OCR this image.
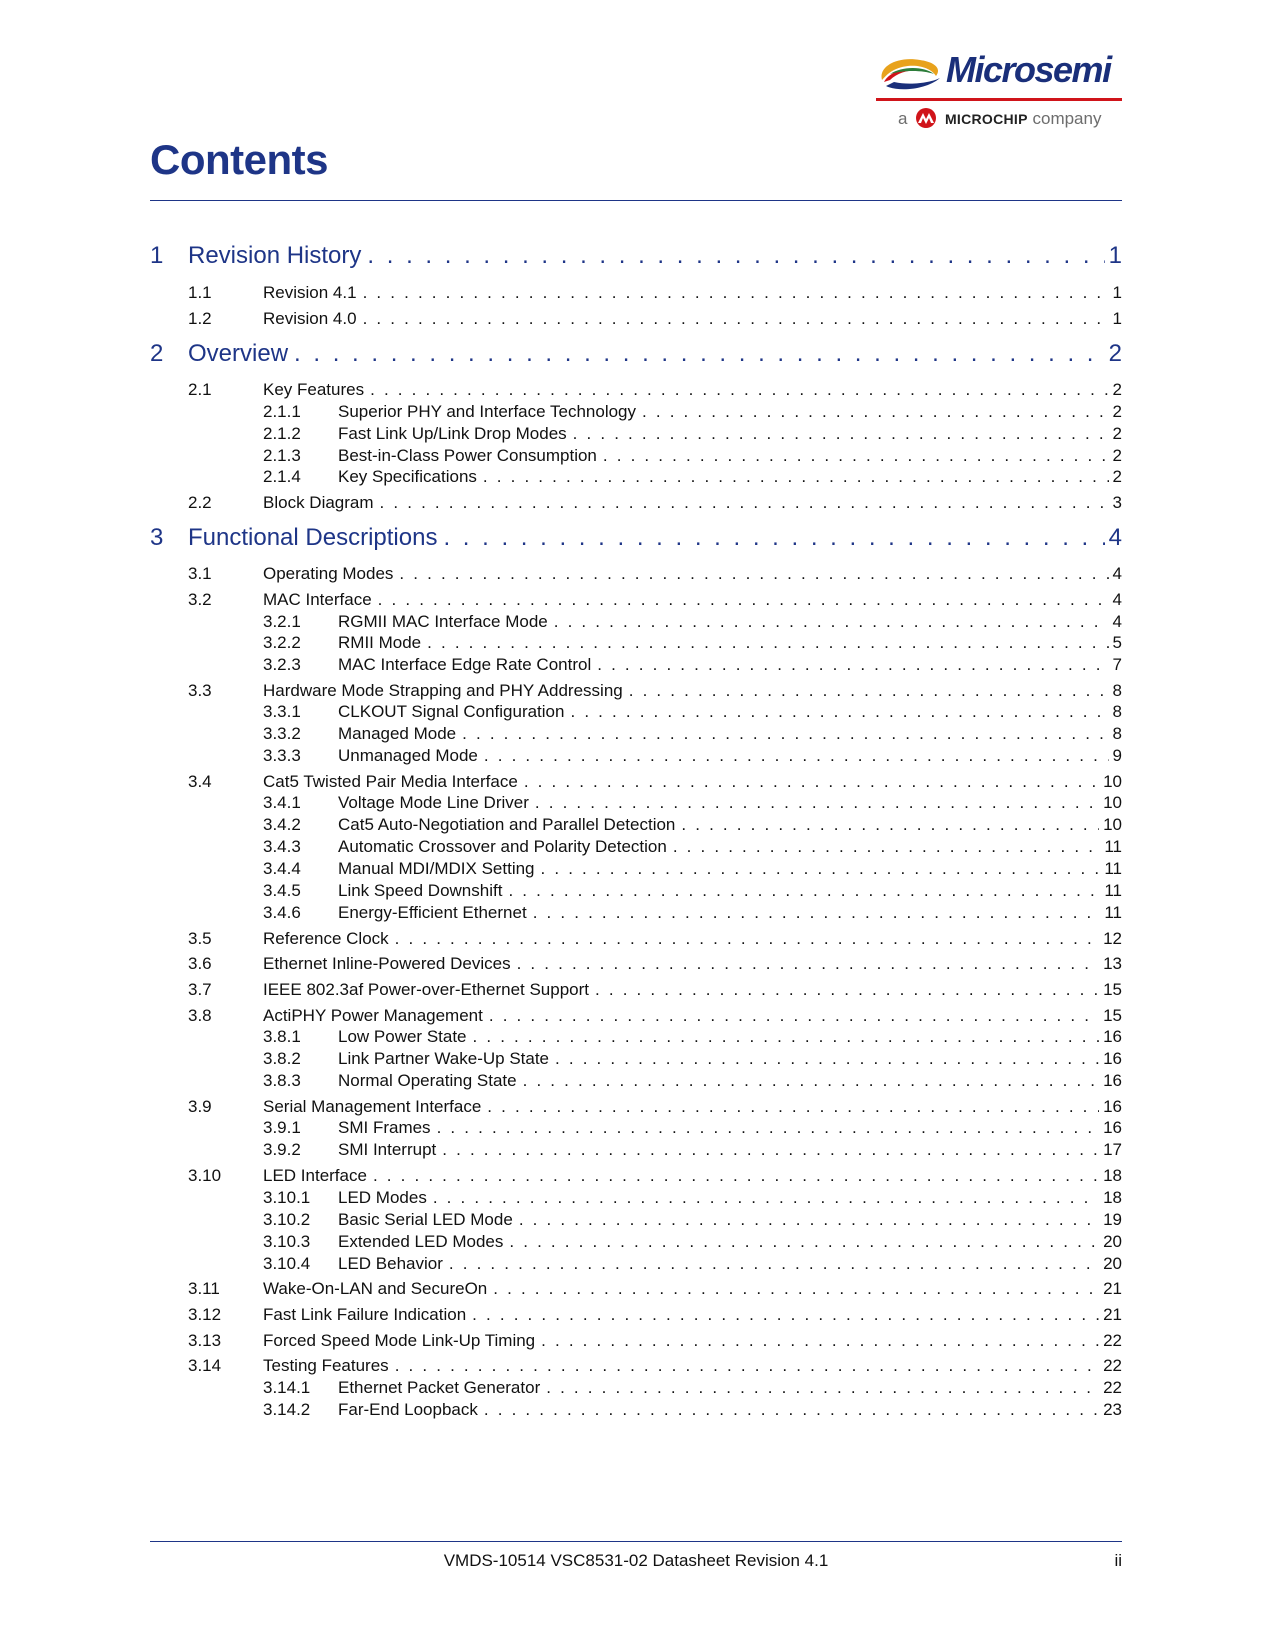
Microsemi
a	MICROCHIP company
Contents
1	Revision History . . .	1
1.1	Revision 4.1 . . .	1
1.2	Revision 4.0 . . .	1
2	Overview . . .	2
2.1	Key Features . . .	2
2.1.1	Superior PHY and Interface Technology . . .	2
2.1.2	Fast Link Up/Link Drop Modes . . .	2
2.1.3	Best-in-Class Power Consumption . . .	2
2.1.4	Key Specifications . . .	2
2.2	Block Diagram . . .	3
3	Functional Descriptions . . .	4
3.1	Operating Modes . . .	4
3.2	MAC Interface . . .	4
3.2.1	RGMII MAC Interface Mode . . .	4
3.2.2	RMII Mode . . .	5
3.2.3	MAC Interface Edge Rate Control . . .	7
3.3	Hardware Mode Strapping and PHY Addressing . . .	8
3.3.1	CLKOUT Signal Configuration . . .	8
3.3.2	Managed Mode . . .	8
3.3.3	Unmanaged Mode . . .	9
3.4	Cat5 Twisted Pair Media Interface . . .	10
3.4.1	Voltage Mode Line Driver . . .	10
3.4.2	Cat5 Auto-Negotiation and Parallel Detection . . .	10
3.4.3	Automatic Crossover and Polarity Detection . . .	11
3.4.4	Manual MDI/MDIX Setting . . .	11
3.4.5	Link Speed Downshift . . .	11
3.4.6	Energy-Efficient Ethernet . . .	11
3.5	Reference Clock . . .	12
3.6	Ethernet Inline-Powered Devices . . .	13
3.7	IEEE 802.3af Power-over-Ethernet Support . . .	15
3.8	ActiPHY Power Management . . .	15
3.8.1	Low Power State . . .	16
3.8.2	Link Partner Wake-Up State . . .	16
3.8.3	Normal Operating State . . .	16
3.9	Serial Management Interface . . .	16
3.9.1	SMI Frames . . .	16
3.9.2	SMI Interrupt . . .	17
3.10	LED Interface . . .	18
3.10.1	LED Modes . . .	18
3.10.2	Basic Serial LED Mode . . .	19
3.10.3	Extended LED Modes . . .	20
3.10.4	LED Behavior . . .	20
3.11	Wake-On-LAN and SecureOn . . .	21
3.12	Fast Link Failure Indication . . .	21
3.13	Forced Speed Mode Link-Up Timing . . .	22
3.14	Testing Features . . .	22
3.14.1	Ethernet Packet Generator . . .	22
3.14.2	Far-End Loopback . . .	23
VMDS-10514 VSC8531-02 Datasheet Revision 4.1	ii
